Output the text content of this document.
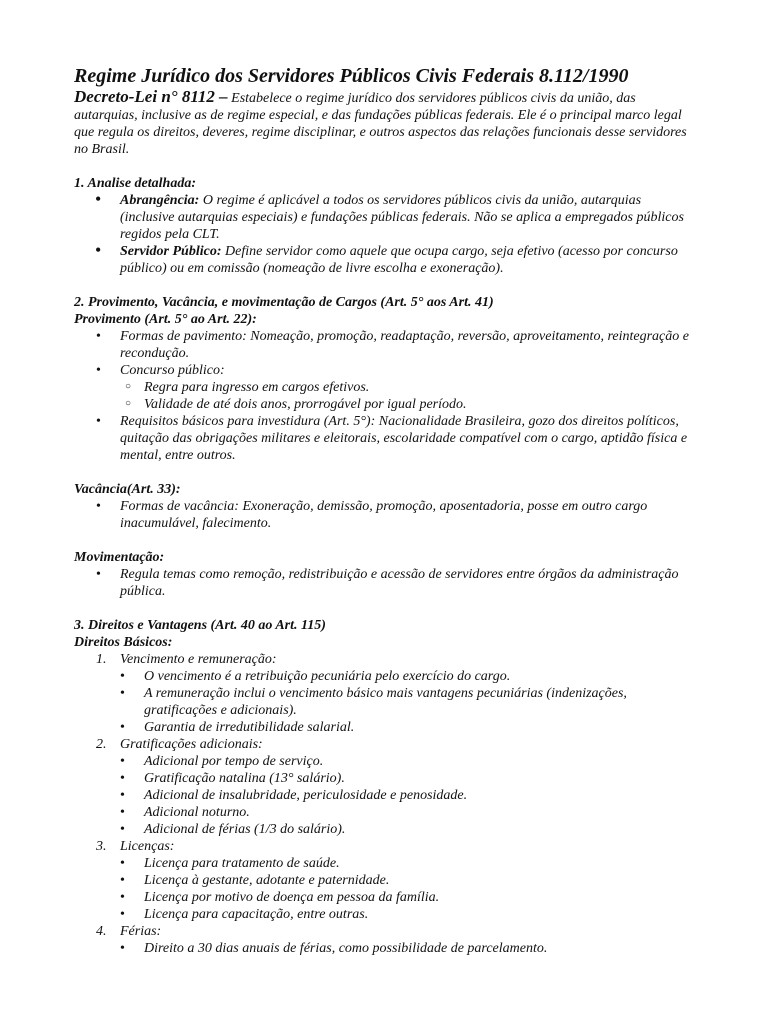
Regime Jurídico dos Servidores Públicos Civis Federais 8.112/1990

Decreto-Lei n° 8112 – Estabelece o regime jurídico dos servidores públicos civis da união, das autarquias, inclusive as de regime especial, e das fundações públicas federais. Ele é o principal marco legal que regula os direitos, deveres, regime disciplinar, e outros aspectos das relações funcionais desse servidores no Brasil.

1. Analise detalhada:

• Abrangência: O regime é aplicável a todos os servidores públicos civis da união, autarquias (inclusive autarquias especiais) e fundações públicas federais. Não se aplica a empregados públicos regidos pela CLT.
• Servidor Público: Define servidor como aquele que ocupa cargo, seja efetivo (acesso por concurso público) ou em comissão (nomeação de livre escolha e exoneração).

2. Provimento, Vacância, e movimentação de Cargos (Art. 5° aos Art. 41)

Provimento (Art. 5° ao Art. 22):

• Formas de pavimento: Nomeação, promoção, readaptação, reversão, aproveitamento, reintegração e recondução.
• Concurso público:
○ Regra para ingresso em cargos efetivos.
○ Validade de até dois anos, prorrogável por igual período.
• Requisitos básicos para investidura (Art. 5°): Nacionalidade Brasileira, gozo dos direitos políticos, quitação das obrigações militares e eleitorais, escolaridade compatível com o cargo, aptidão física e mental, entre outros.

Vacância(Art. 33):

• Formas de vacância: Exoneração, demissão, promoção, aposentadoria, posse em outro cargo inacumulável, falecimento.

Movimentação:

• Regula temas como remoção, redistribuição e acessão de servidores entre órgãos da administração pública.

3. Direitos e Vantagens (Art. 40 ao Art. 115)

Direitos Básicos:

1. Vencimento e remuneração:
• O vencimento é a retribuição pecuniária pelo exercício do cargo.
• A remuneração inclui o vencimento básico mais vantagens pecuniárias (indenizações, gratificações e adicionais).
• Garantia de irredutibilidade salarial.
2. Gratificações adicionais:
• Adicional por tempo de serviço.
• Gratificação natalina (13° salário).
• Adicional de insalubridade, periculosidade e penosidade.
• Adicional noturno.
• Adicional de férias (1/3 do salário).
3. Licenças:
• Licença para tratamento de saúde.
• Licença à gestante, adotante e paternidade.
• Licença por motivo de doença em pessoa da família.
• Licença para capacitação, entre outras.
4. Férias:
• Direito a 30 dias anuais de férias, como possibilidade de parcelamento.
